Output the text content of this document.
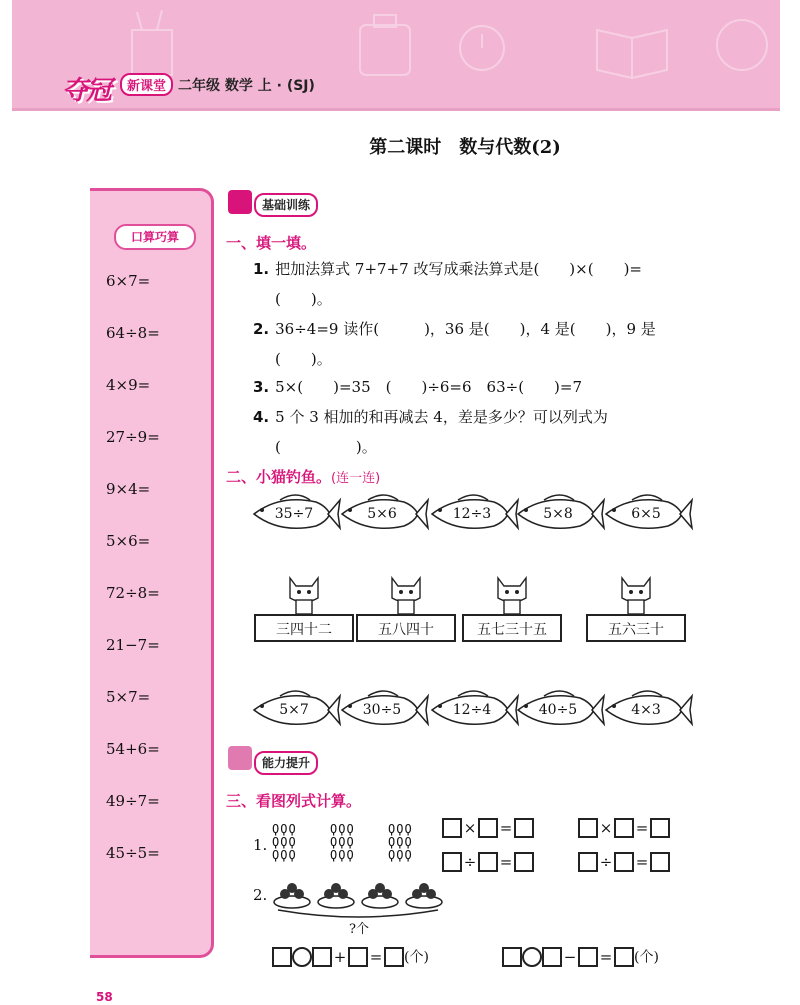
夺冠	新课堂 二年级 数学 上 · (SJ)
第二课时　数与代数(2)
口算巧算
6×7=
64÷8=
4×9=
27÷9=
9×4=
5×6=
72÷8=
21−7=
5×7=
54+6=
49÷7=
45÷5=
基础训练
一、填一填。
1. 把加法算式 7+7+7 改写成乘法算式是(　　)×(　　)=
(　　)。
2. 36÷4=9 读作(　　　)，36 是(　　)，4 是(　　)，9 是
(　　)。
3. 5×(　　)=35　(　　)÷6=6　63÷(　　)=7
4. 5 个 3 相加的和再减去 4，差是多少？可以列式为
(　　　　　)。
二、小猫钓鱼。(连一连)
能力提升
三、看图列式计算。
1.
ϘϘϘ
ϘϘϘ
ϘϘϘ
ϘϘϘ
ϘϘϘ
ϘϘϘ
ϘϘϘ
ϘϘϘ
ϘϘϘ
× =	× =
÷ =	÷ =
2.
?个
+ = (个)	− = (个)
58
35÷7	5×6	12÷3	5×8	6×5
5×7	30÷5	12÷4	40÷5	4×3
三四十二	五八四十	五七三十五	五六三十
